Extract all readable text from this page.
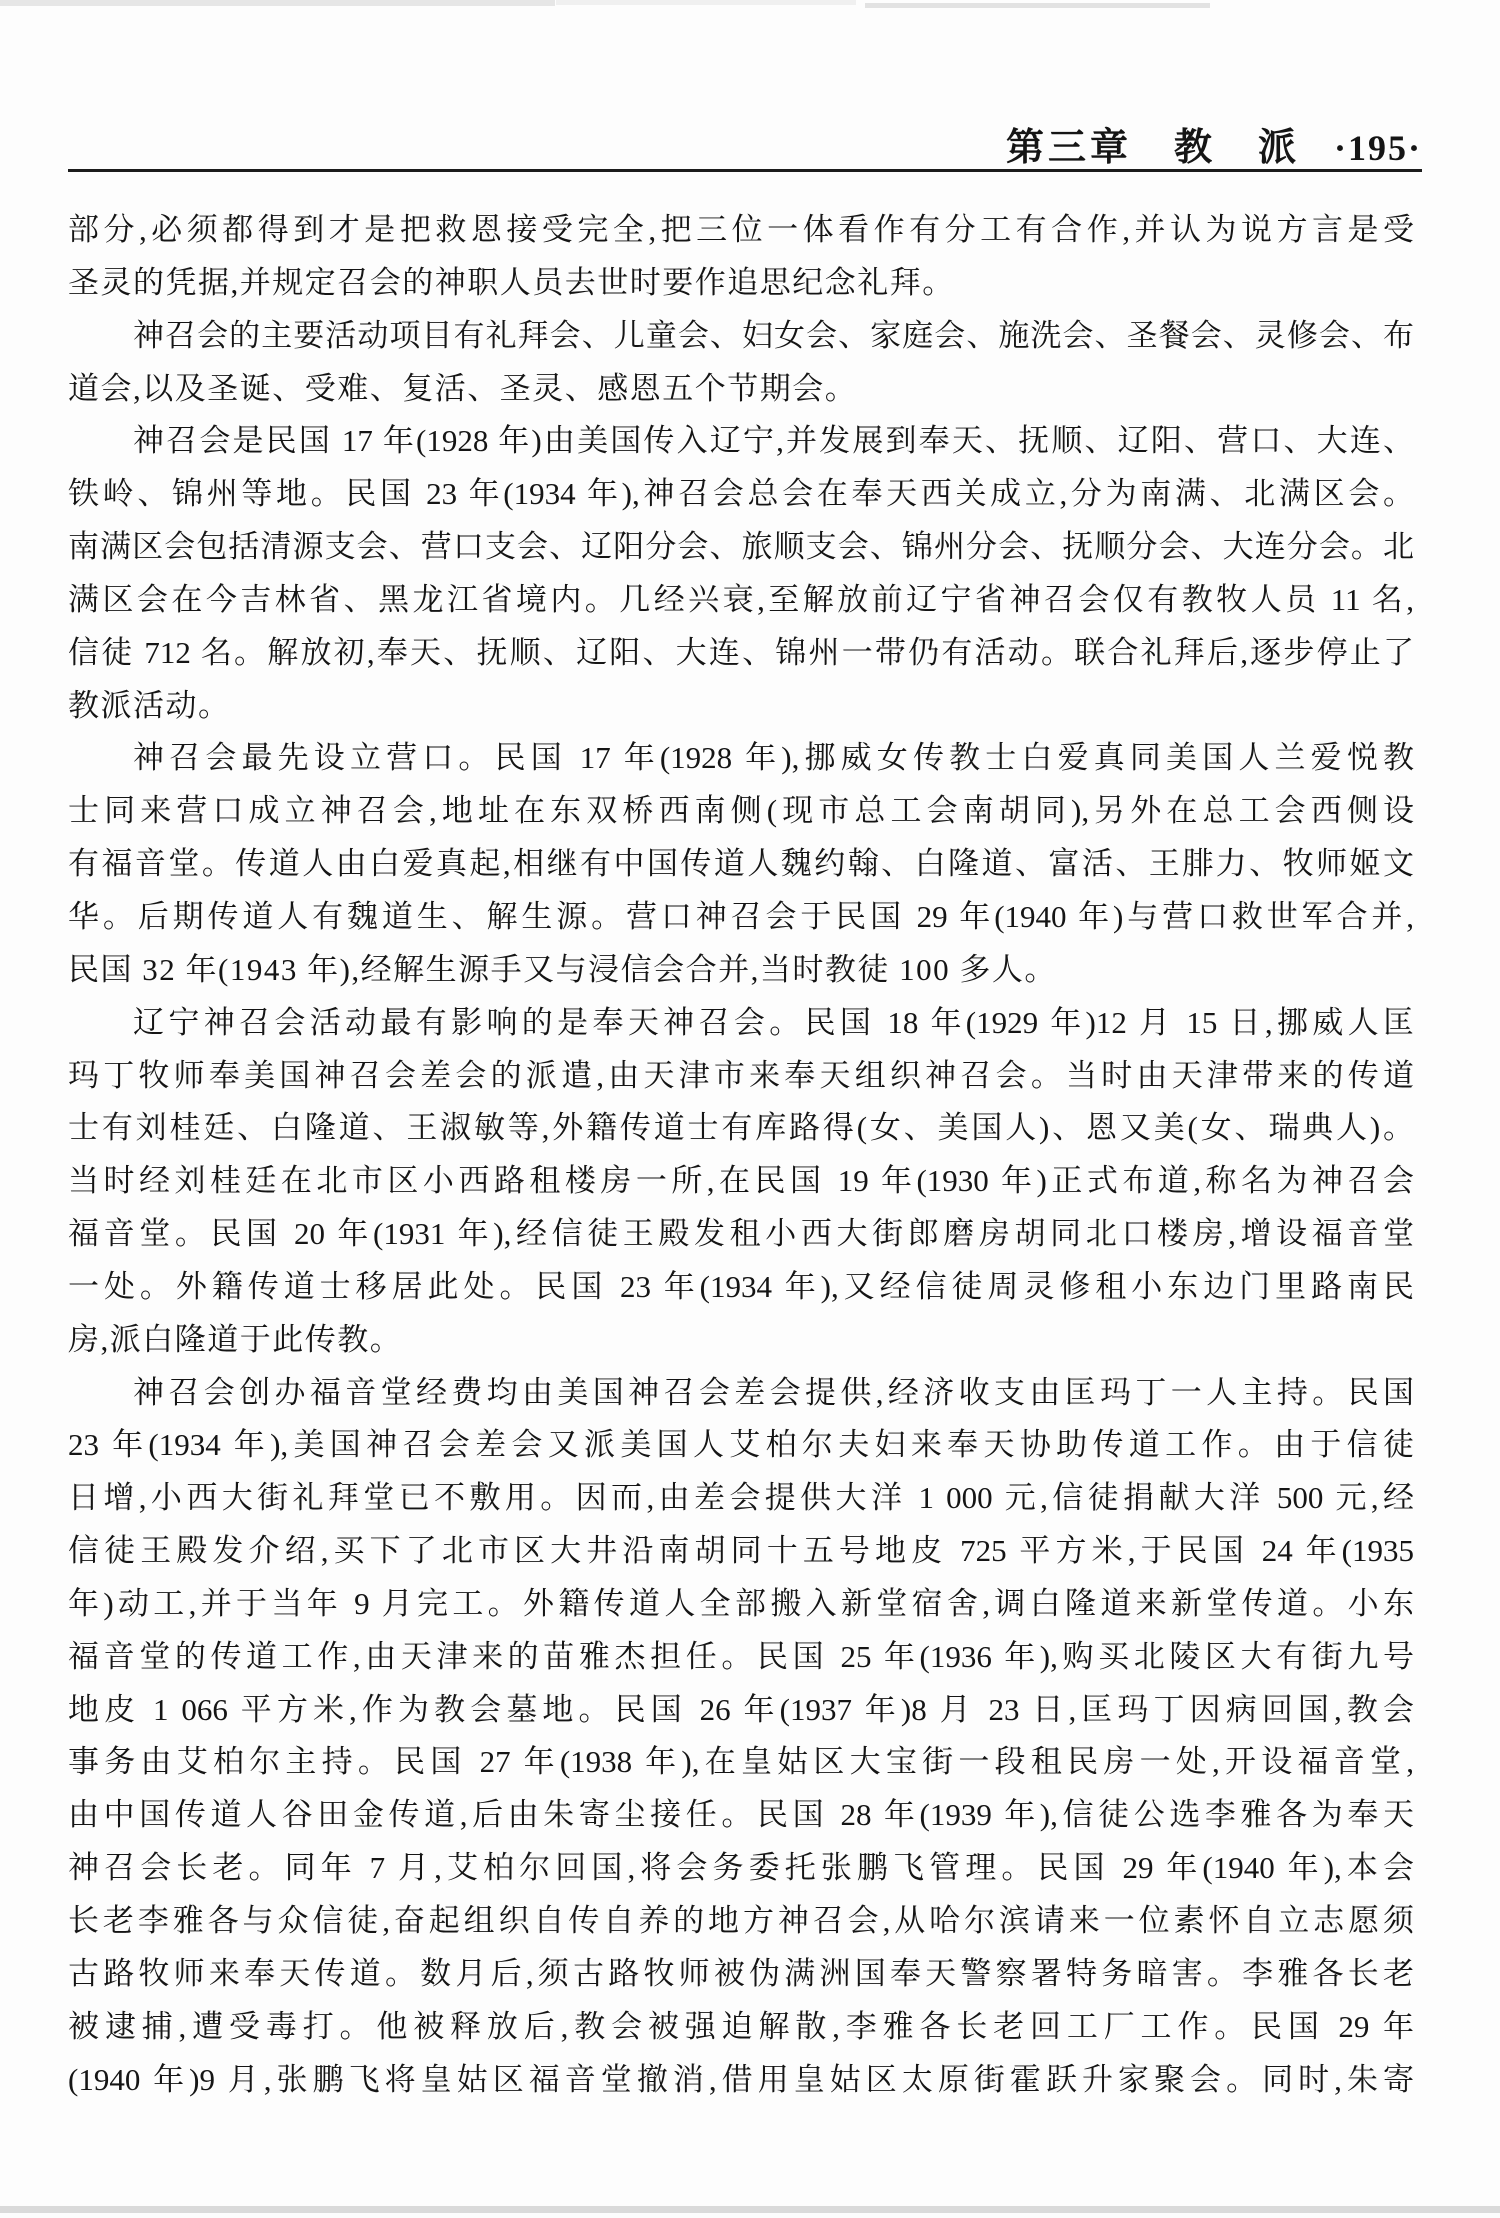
第三章　教　派 ·195·
部分,必须都得到才是把救恩接受完全,把三位一体看作有分工有合作,并认为说方言是受
圣灵的凭据,并规定召会的神职人员去世时要作追思纪念礼拜。
神召会的主要活动项目有礼拜会、儿童会、妇女会、家庭会、施洗会、圣餐会、灵修会、布
道会,以及圣诞、受难、复活、圣灵、感恩五个节期会。
神召会是民国 17 年(1928 年)由美国传入辽宁,并发展到奉天、抚顺、辽阳、营口、大连、
铁岭、锦州等地。民国 23 年(1934 年),神召会总会在奉天西关成立,分为南满、北满区会。
南满区会包括清源支会、营口支会、辽阳分会、旅顺支会、锦州分会、抚顺分会、大连分会。北
满区会在今吉林省、黑龙江省境内。几经兴衰,至解放前辽宁省神召会仅有教牧人员 11 名,
信徒 712 名。解放初,奉天、抚顺、辽阳、大连、锦州一带仍有活动。联合礼拜后,逐步停止了
教派活动。
神召会最先设立营口。民国 17 年(1928 年),挪威女传教士白爱真同美国人兰爱悦教
士同来营口成立神召会,地址在东双桥西南侧(现市总工会南胡同),另外在总工会西侧设
有福音堂。传道人由白爱真起,相继有中国传道人魏约翰、白隆道、富活、王腓力、牧师姬文
华。后期传道人有魏道生、解生源。营口神召会于民国 29 年(1940 年)与营口救世军合并,
民国 32 年(1943 年),经解生源手又与浸信会合并,当时教徒 100 多人。
辽宁神召会活动最有影响的是奉天神召会。民国 18 年(1929 年)12 月 15 日,挪威人匡
玛丁牧师奉美国神召会差会的派遣,由天津市来奉天组织神召会。当时由天津带来的传道
士有刘桂廷、白隆道、王淑敏等,外籍传道士有库路得(女、美国人)、恩又美(女、瑞典人)。
当时经刘桂廷在北市区小西路租楼房一所,在民国 19 年(1930 年)正式布道,称名为神召会
福音堂。民国 20 年(1931 年),经信徒王殿发租小西大街郎磨房胡同北口楼房,增设福音堂
一处。外籍传道士移居此处。民国 23 年(1934 年),又经信徒周灵修租小东边门里路南民
房,派白隆道于此传教。
神召会创办福音堂经费均由美国神召会差会提供,经济收支由匡玛丁一人主持。民国
23 年(1934 年),美国神召会差会又派美国人艾柏尔夫妇来奉天协助传道工作。由于信徒
日增,小西大街礼拜堂已不敷用。因而,由差会提供大洋 1 000 元,信徒捐献大洋 500 元,经
信徒王殿发介绍,买下了北市区大井沿南胡同十五号地皮 725 平方米,于民国 24 年(1935
年)动工,并于当年 9 月完工。外籍传道人全部搬入新堂宿舍,调白隆道来新堂传道。小东
福音堂的传道工作,由天津来的苗雅杰担任。民国 25 年(1936 年),购买北陵区大有街九号
地皮 1 066 平方米,作为教会墓地。民国 26 年(1937 年)8 月 23 日,匡玛丁因病回国,教会
事务由艾柏尔主持。民国 27 年(1938 年),在皇姑区大宝街一段租民房一处,开设福音堂,
由中国传道人谷田金传道,后由朱寄尘接任。民国 28 年(1939 年),信徒公选李雅各为奉天
神召会长老。同年 7 月,艾柏尔回国,将会务委托张鹏飞管理。民国 29 年(1940 年),本会
长老李雅各与众信徒,奋起组织自传自养的地方神召会,从哈尔滨请来一位素怀自立志愿须
古路牧师来奉天传道。数月后,须古路牧师被伪满洲国奉天警察署特务暗害。李雅各长老
被逮捕,遭受毒打。他被释放后,教会被强迫解散,李雅各长老回工厂工作。民国 29 年
(1940 年)9 月,张鹏飞将皇姑区福音堂撤消,借用皇姑区太原街霍跃升家聚会。同时,朱寄
